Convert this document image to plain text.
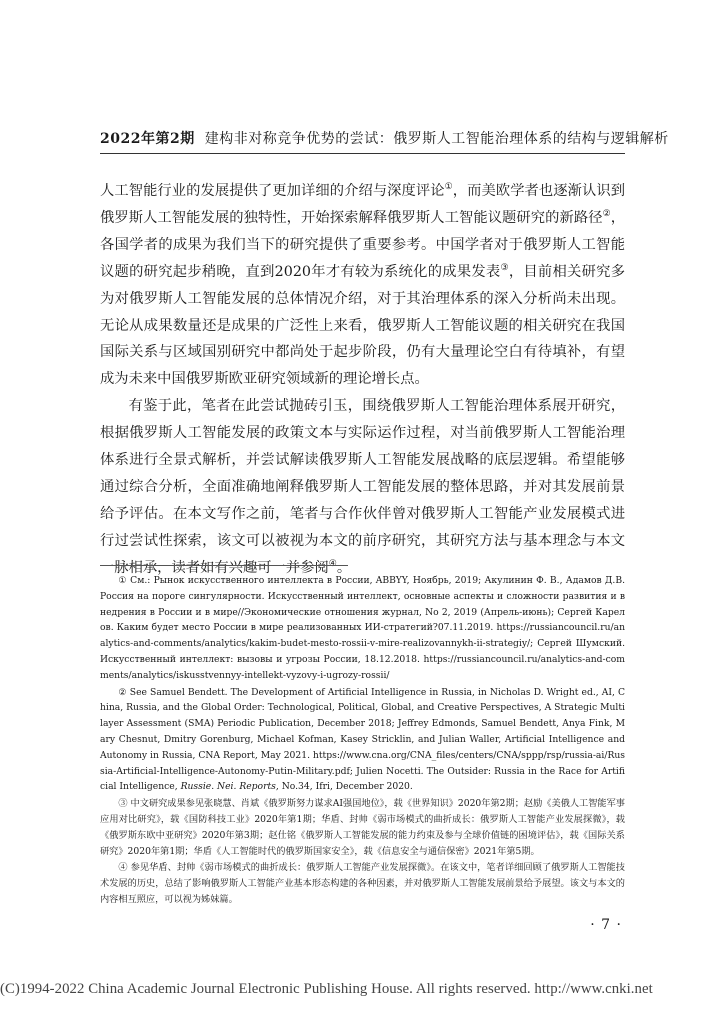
2022年第2期 建构非对称竞争优势的尝试：俄罗斯人工智能治理体系的结构与逻辑解析

人工智能行业的发展提供了更加详细的介绍与深度评论①，而美欧学者也逐渐认识到俄罗斯人工智能发展的独特性，开始探索解释俄罗斯人工智能议题研究的新路径②，各国学者的成果为我们当下的研究提供了重要参考。中国学者对于俄罗斯人工智能议题的研究起步稍晚，直到2020年才有较为系统化的成果发表③，目前相关研究多为对俄罗斯人工智能发展的总体情况介绍，对于其治理体系的深入分析尚未出现。无论从成果数量还是成果的广泛性上来看，俄罗斯人工智能议题的相关研究在我国国际关系与区域国别研究中都尚处于起步阶段，仍有大量理论空白有待填补，有望成为未来中国俄罗斯欧亚研究领域新的理论增长点。

有鉴于此，笔者在此尝试抛砖引玉，围绕俄罗斯人工智能治理体系展开研究，根据俄罗斯人工智能发展的政策文本与实际运作过程，对当前俄罗斯人工智能治理体系进行全景式解析，并尝试解读俄罗斯人工智能发展战略的底层逻辑。希望能够通过综合分析，全面准确地阐释俄罗斯人工智能发展的整体思路，并对其发展前景给予评估。在本文写作之前，笔者与合作伙伴曾对俄罗斯人工智能产业发展模式进行过尝试性探索，该文可以被视为本文的前序研究，其研究方法与基本理念与本文一脉相承，读者如有兴趣可一并参阅④。

① Cм.: Рынок искусственного интеллекта в России, ABBYY, Ноябрь, 2019; Акулинин Ф. В., Адамов Д.В. Россия на пороге сингулярности. Искусственный интеллект, основные аспекты и сложности развития и внедрения в России и в мире//Экономические отношения журнал, No 2, 2019 (Апрель-июнь); Сергей Карелов. Каким будет место России в мире реализованных ИИ-стратегий?07.11.2019. https://russiancouncil.ru/analytics-and-comments/analytics/kakim-budet-mesto-rossii-v-mire-realizovannykh-ii-strategiy/; Сергей Шумский. Искусственный интеллект: вызовы и угрозы России, 18.12.2018. https://russiancouncil.ru/analytics-and-comments/analytics/iskusstvennyy-intellekt-vyzovy-i-ugrozy-rossii/

② See Samuel Bendett. The Development of Artificial Intelligence in Russia, in Nicholas D. Wright ed., AI, China, Russia, and the Global Order: Technological, Political, Global, and Creative Perspectives, A Strategic Multilayer Assessment (SMA) Periodic Publication, December 2018; Jeffrey Edmonds, Samuel Bendett, Anya Fink, Mary Chesnut, Dmitry Gorenburg, Michael Kofman, Kasey Stricklin, and Julian Waller, Artificial Intelligence and Autonomy in Russia, CNA Report, May 2021. https://www.cna.org/CNA_files/centers/CNA/sppp/rsp/russia-ai/Russia-Artificial-Intelligence-Autonomy-Putin-Military.pdf; Julien Nocetti. The Outsider: Russia in the Race for Artificial Intelligence, Russie. Nei. Reports, No.34, Ifri, December 2020.

③ 中文研究成果参见张晓慧、肖斌《俄罗斯努力谋求AI强国地位》，载《世界知识》2020年第2期；赵励《美俄人工智能军事应用对比研究》，载《国防科技工业》2020年第1期；华盾、封帅《弱市场模式的曲折成长：俄罗斯人工智能产业发展探微》，载《俄罗斯东欧中亚研究》2020年第3期；赵仕铭《俄罗斯人工智能发展的能力约束及参与全球价值链的困境评估》，载《国际关系研究》2020年第1期；华盾《人工智能时代的俄罗斯国家安全》，载《信息安全与通信保密》2021年第5期。

④ 参见华盾、封帅《弱市场模式的曲折成长：俄罗斯人工智能产业发展探微》。在该文中，笔者详细回顾了俄罗斯人工智能技术发展的历史，总结了影响俄罗斯人工智能产业基本形态构建的各种因素，并对俄罗斯人工智能发展前景给予展望。该文与本文的内容相互照应，可以视为姊妹篇。

· 7 ·
(C)1994-2022 China Academic Journal Electronic Publishing House. All rights reserved. http://www.cnki.net
